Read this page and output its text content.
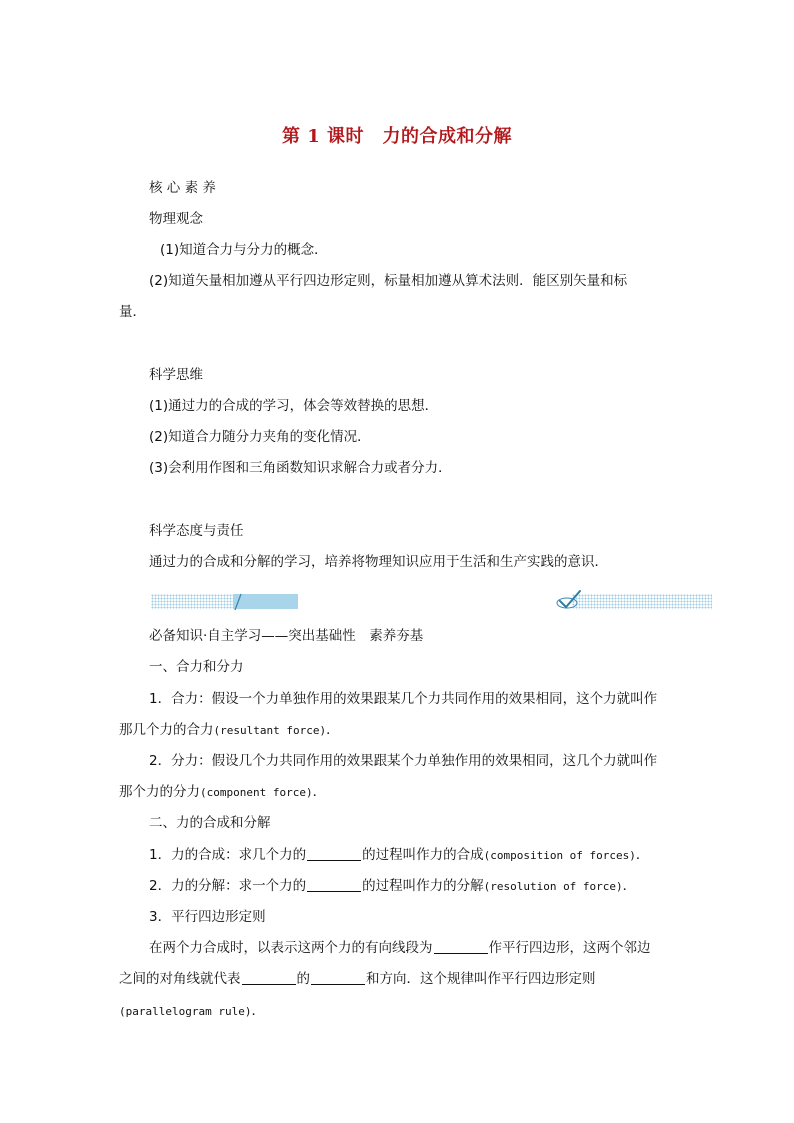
第 1 课时　力的合成和分解
核 心 素 养
物理观念
(1)知道合力与分力的概念．
(2)知道矢量相加遵从平行四边形定则，标量相加遵从算术法则．能区别矢量和标
量．
科学思维
(1)通过力的合成的学习，体会等效替换的思想．
(2)知道合力随分力夹角的变化情况．
(3)会利用作图和三角函数知识求解合力或者分力．
科学态度与责任
通过力的合成和分解的学习，培养将物理知识应用于生活和生产实践的意识．
必备知识·自主学习——突出基础性　素养夯基
一、合力和分力
1．合力：假设一个力单独作用的效果跟某几个力共同作用的效果相同，这个力就叫作
那几个力的合力(resultant force)．
2．分力：假设几个力共同作用的效果跟某个力单独作用的效果相同，这几个力就叫作
那个力的分力(component force)．
二、力的合成和分解
1．力的合成：求几个力的	的过程叫作力的合成(composition of forces)．
2．力的分解：求一个力的	的过程叫作力的分解(resolution of force)．
3．平行四边形定则
在两个力合成时，以表示这两个力的有向线段为	作平行四边形，这两个邻边
之间的对角线就代表	的	和方向．这个规律叫作平行四边形定则
(parallelogram rule)．
